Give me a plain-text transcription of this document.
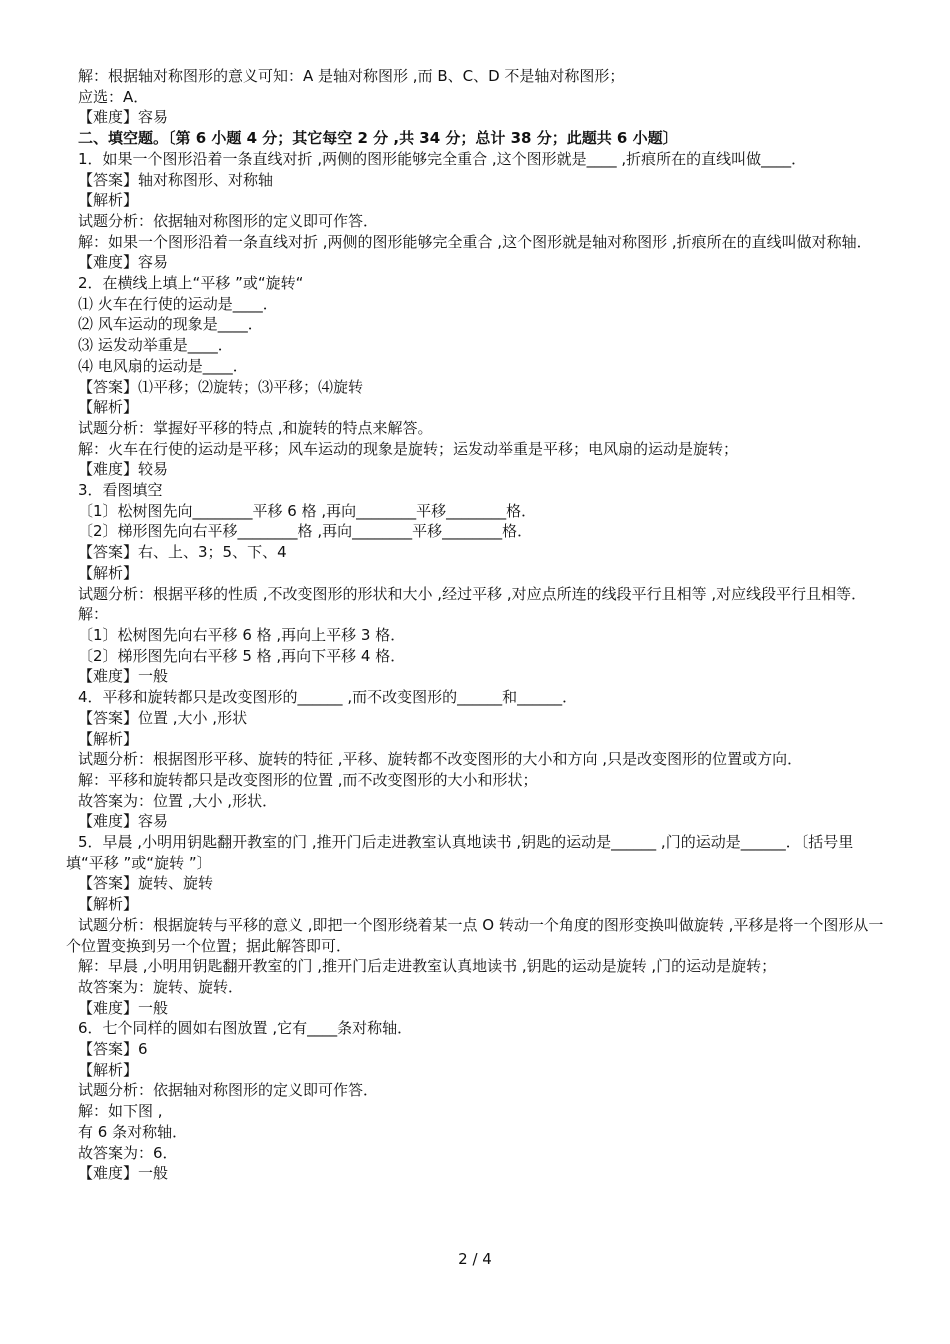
解：根据轴对称图形的意义可知：A 是轴对称图形 ,而 B、C、D 不是轴对称图形；
应选：A．
【难度】容易
二、填空题。〔第 6 小题 4 分；其它每空 2 分 ,共 34 分；总计 38 分；此题共 6 小题〕
1．如果一个图形沿着一条直线对折 ,两侧的图形能够完全重合 ,这个图形就是____ ,折痕所在的直线叫做____．
【答案】轴对称图形、对称轴
【解析】
试题分析：依据轴对称图形的定义即可作答．
解：如果一个图形沿着一条直线对折 ,两侧的图形能够完全重合 ,这个图形就是轴对称图形 ,折痕所在的直线叫做对称轴．
【难度】容易
2．在横线上填上“平移 ”或“旋转“
⑴ 火车在行使的运动是____．
⑵ 风车运动的现象是____．
⑶ 运发动举重是____．
⑷ 电风扇的运动是____．
【答案】⑴平移；⑵旋转；⑶平移；⑷旋转
【解析】
试题分析：掌握好平移的特点 ,和旋转的特点来解答。
解：火车在行使的运动是平移；风车运动的现象是旋转；运发动举重是平移；电风扇的运动是旋转；
【难度】较易
3．看图填空
〔1〕松树图先向________平移 6 格 ,再向________平移________格．
〔2〕梯形图先向右平移________格 ,再向________平移________格．
【答案】右、上、3；5、下、4
【解析】
试题分析：根据平移的性质 ,不改变图形的形状和大小 ,经过平移 ,对应点所连的线段平行且相等 ,对应线段平行且相等．
解：
〔1〕松树图先向右平移 6 格 ,再向上平移 3 格．
〔2〕梯形图先向右平移 5 格 ,再向下平移 4 格．
【难度】一般
4．平移和旋转都只是改变图形的______ ,而不改变图形的______和______．
【答案】位置 ,大小 ,形状
【解析】
试题分析：根据图形平移、旋转的特征 ,平移、旋转都不改变图形的大小和方向 ,只是改变图形的位置或方向．
解：平移和旋转都只是改变图形的位置 ,而不改变图形的大小和形状；
故答案为：位置 ,大小 ,形状．
【难度】容易
5．早晨 ,小明用钥匙翻开教室的门 ,推开门后走进教室认真地读书 ,钥匙的运动是______ ,门的运动是______．〔括号里填“平移 ”或“旋转 ”〕
【答案】旋转、旋转
【解析】
试题分析：根据旋转与平移的意义 ,即把一个图形绕着某一点 O 转动一个角度的图形变换叫做旋转 ,平移是将一个图形从一个位置变换到另一个位置；据此解答即可．
解：早晨 ,小明用钥匙翻开教室的门 ,推开门后走进教室认真地读书 ,钥匙的运动是旋转 ,门的运动是旋转；
故答案为：旋转、旋转．
【难度】一般
6．七个同样的圆如右图放置 ,它有____条对称轴．
【答案】6
【解析】
试题分析：依据轴对称图形的定义即可作答．
解：如下图 ,
有 6 条对称轴．
故答案为：6．
【难度】一般
2 / 4
